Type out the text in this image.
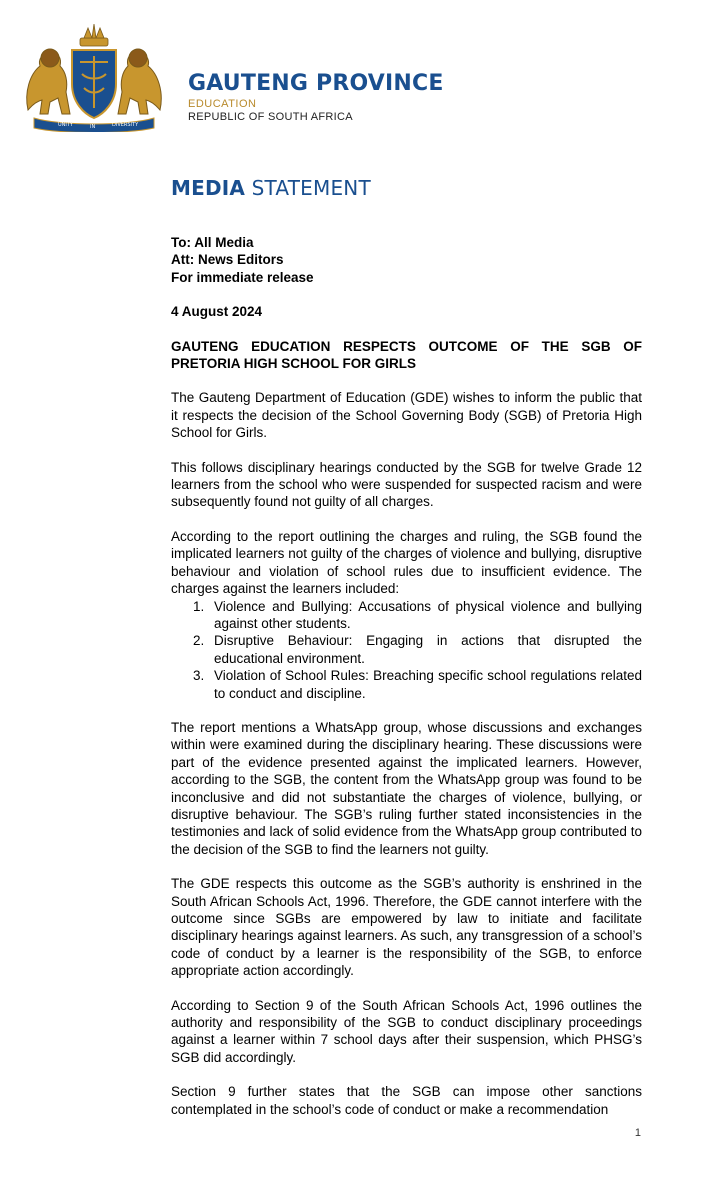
UNITY	IN	DIVERSITY
GAUTENG PROVINCE
EDUCATION
REPUBLIC OF SOUTH AFRICA
MEDIA STATEMENT
To: All Media
Att: News Editors
For immediate release
4 August 2024

GAUTENG EDUCATION RESPECTS OUTCOME OF THE SGB OF PRETORIA HIGH SCHOOL FOR GIRLS

The Gauteng Department of Education (GDE) wishes to inform the public that it respects the decision of the School Governing Body (SGB) of Pretoria High School for Girls.

This follows disciplinary hearings conducted by the SGB for twelve Grade 12 learners from the school who were suspended for suspected racism and were subsequently found not guilty of all charges.

According to the report outlining the charges and ruling, the SGB found the implicated learners not guilty of the charges of violence and bullying, disruptive behaviour and violation of school rules due to insufficient evidence. The charges against the learners included:

1. Violence and Bullying: Accusations of physical violence and bullying against other students.
2. Disruptive Behaviour: Engaging in actions that disrupted the educational environment.
3. Violation of School Rules: Breaching specific school regulations related to conduct and discipline.

The report mentions a WhatsApp group, whose discussions and exchanges within were examined during the disciplinary hearing. These discussions were part of the evidence presented against the implicated learners. However, according to the SGB, the content from the WhatsApp group was found to be inconclusive and did not substantiate the charges of violence, bullying, or disruptive behaviour. The SGB’s ruling further stated inconsistencies in the testimonies and lack of solid evidence from the WhatsApp group contributed to the decision of the SGB to find the learners not guilty.

The GDE respects this outcome as the SGB’s authority is enshrined in the South African Schools Act, 1996. Therefore, the GDE cannot interfere with the outcome since SGBs are empowered by law to initiate and facilitate disciplinary hearings against learners. As such, any transgression of a school’s code of conduct by a learner is the responsibility of the SGB, to enforce appropriate action accordingly.

According to Section 9 of the South African Schools Act, 1996 outlines the authority and responsibility of the SGB to conduct disciplinary proceedings against a learner within 7 school days after their suspension, which PHSG’s SGB did accordingly.

Section 9 further states that the SGB can impose other sanctions contemplated in the school’s code of conduct or make a recommendation

1
